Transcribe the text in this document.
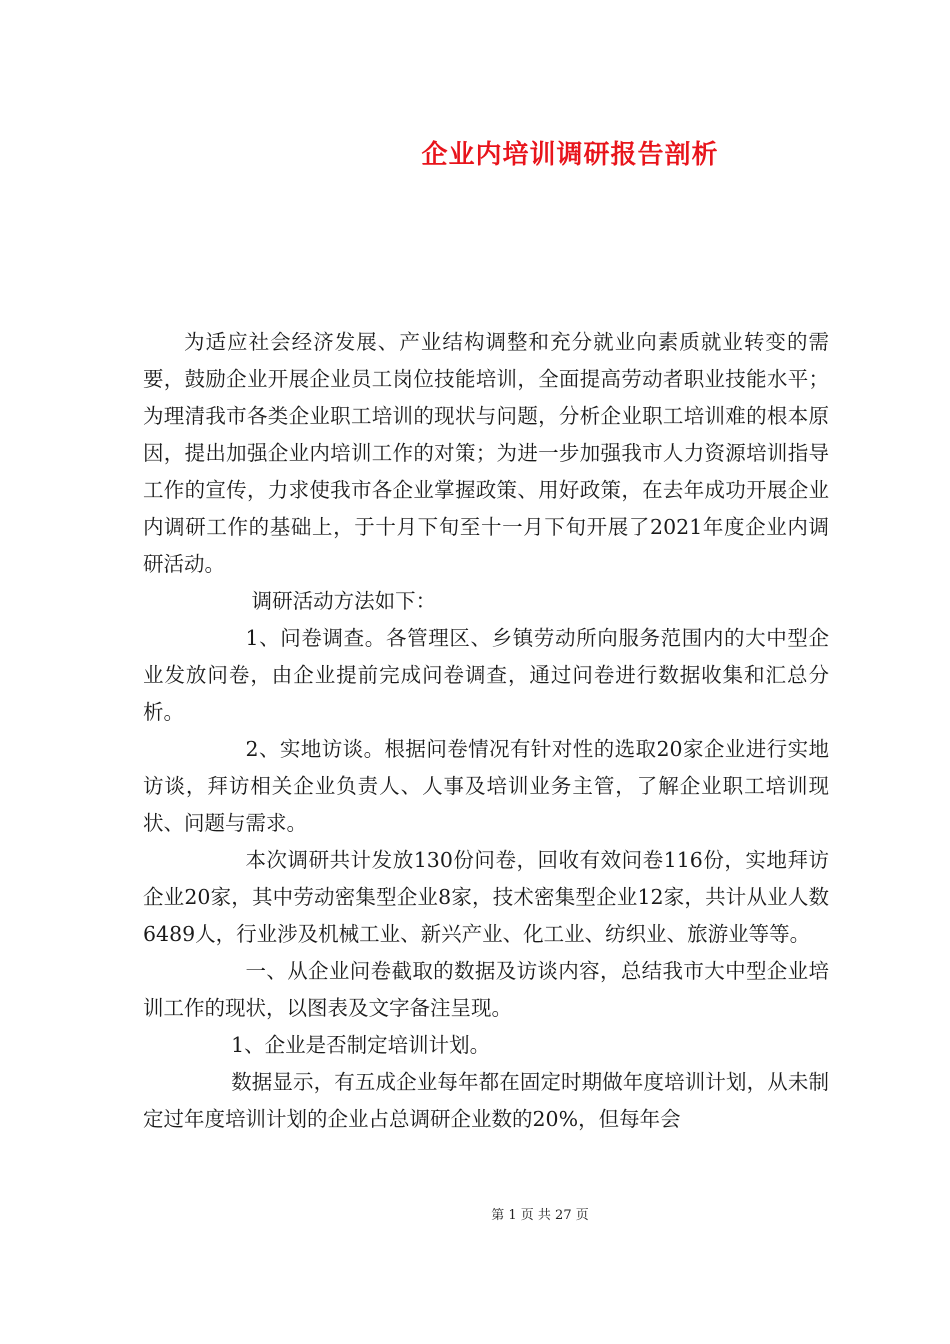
企业内培训调研报告剖析

为适应社会经济发展、产业结构调整和充分就业向素质就业转变的需要，鼓励企业开展企业员工岗位技能培训，全面提高劳动者职业技能水平；为理清我市各类企业职工培训的现状与问题，分析企业职工培训难的根本原因，提出加强企业内培训工作的对策；为进一步加强我市人力资源培训指导工作的宣传，力求使我市各企业掌握政策、用好政策，在去年成功开展企业内调研工作的基础上，于十月下旬至十一月下旬开展了2021年度企业内调研活动。

调研活动方法如下：

1、问卷调查。各管理区、乡镇劳动所向服务范围内的大中型企业发放问卷，由企业提前完成问卷调查，通过问卷进行数据收集和汇总分析。

2、实地访谈。根据问卷情况有针对性的选取20家企业进行实地访谈，拜访相关企业负责人、人事及培训业务主管，了解企业职工培训现状、问题与需求。

本次调研共计发放130份问卷，回收有效问卷116份，实地拜访企业20家，其中劳动密集型企业8家，技术密集型企业12家，共计从业人数6489人，行业涉及机械工业、新兴产业、化工业、纺织业、旅游业等等。

一、从企业问卷截取的数据及访谈内容，总结我市大中型企业培训工作的现状，以图表及文字备注呈现。

1、企业是否制定培训计划。

数据显示，有五成企业每年都在固定时期做年度培训计划，从未制定过年度培训计划的企业占总调研企业数的20%，但每年会

第 1 页 共 27 页
